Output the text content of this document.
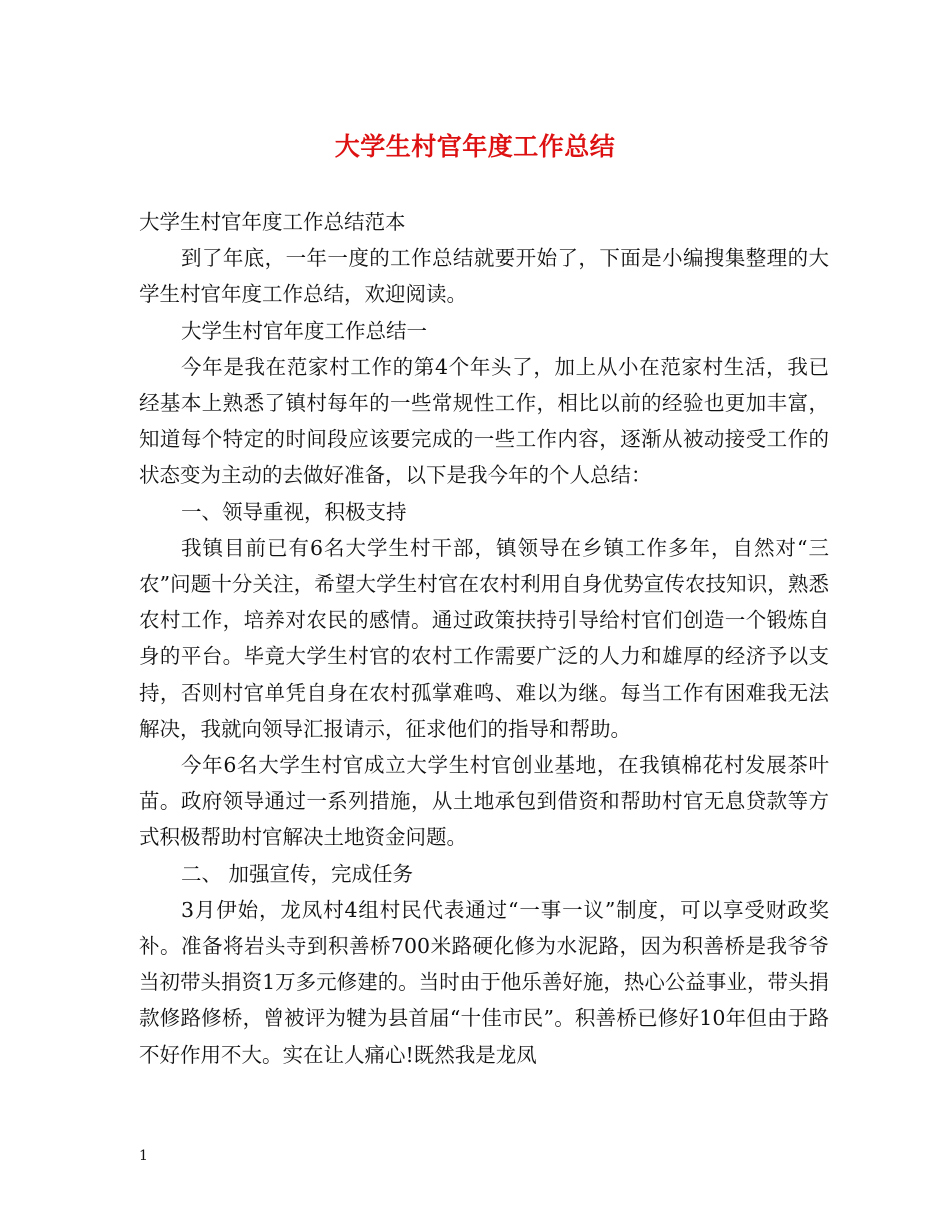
大学生村官年度工作总结

大学生村官年度工作总结范本

到了年底，一年一度的工作总结就要开始了，下面是小编搜集整理的大学生村官年度工作总结，欢迎阅读。

大学生村官年度工作总结一

今年是我在范家村工作的第4个年头了，加上从小在范家村生活，我已经基本上熟悉了镇村每年的一些常规性工作，相比以前的经验也更加丰富，知道每个特定的时间段应该要完成的一些工作内容，逐渐从被动接受工作的状态变为主动的去做好准备，以下是我今年的个人总结：

一、领导重视，积极支持

我镇目前已有6名大学生村干部，镇领导在乡镇工作多年，自然对“三农”问题十分关注，希望大学生村官在农村利用自身优势宣传农技知识，熟悉农村工作，培养对农民的感情。通过政策扶持引导给村官们创造一个锻炼自身的平台。毕竟大学生村官的农村工作需要广泛的人力和雄厚的经济予以支持，否则村官单凭自身在农村孤掌难鸣、难以为继。每当工作有困难我无法解决，我就向领导汇报请示，征求他们的指导和帮助。

今年6名大学生村官成立大学生村官创业基地，在我镇棉花村发展茶叶苗。政府领导通过一系列措施，从土地承包到借资和帮助村官无息贷款等方式积极帮助村官解决土地资金问题。

二、 加强宣传，完成任务

3月伊始，龙凤村4组村民代表通过“一事一议”制度，可以享受财政奖补。准备将岩头寺到积善桥700米路硬化修为水泥路，因为积善桥是我爷爷当初带头捐资1万多元修建的。当时由于他乐善好施，热心公益事业，带头捐款修路修桥，曾被评为犍为县首届“十佳市民”。积善桥已修好10年但由于路不好作用不大。实在让人痛心!既然我是龙凤

1
